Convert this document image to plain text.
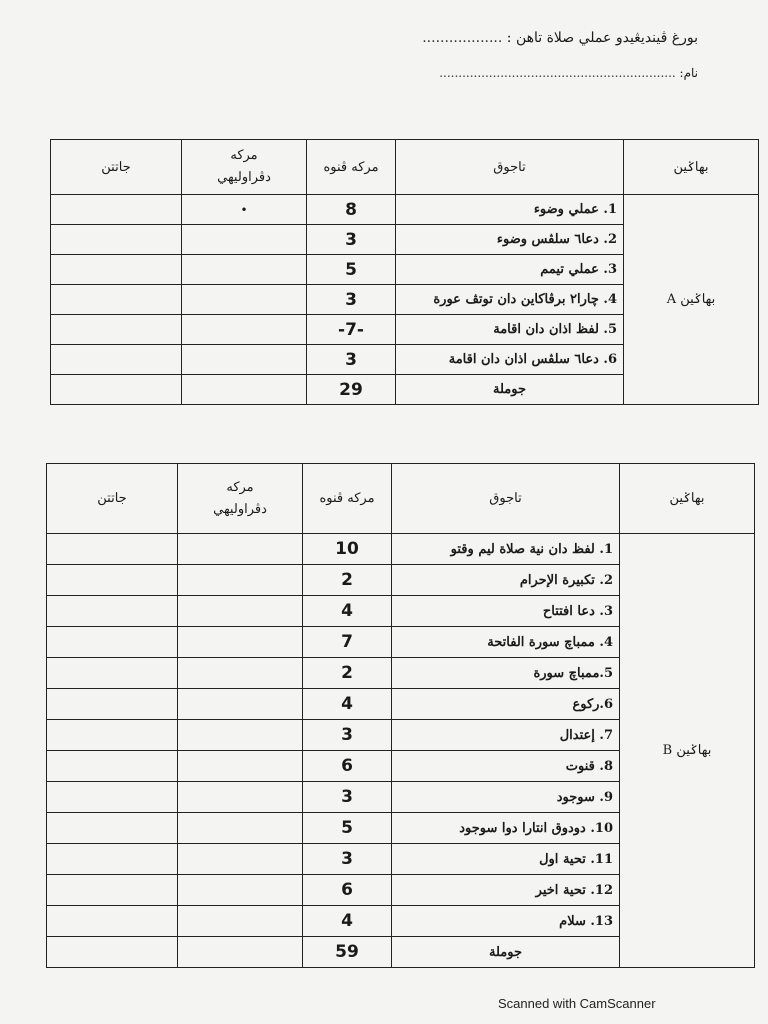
بورغ ڤينديڠيدو عملي صلاة تاهن : ..................
نام: ..............................................................
بهاݢين	تاجوق	مركه ڤنوه	مركه
دڤراوليهي	جاتتن
بهاݢين A	1. عملي وضوء	8	•	
	2. دعا٦ سلڤس وضوء	3		
	3. عملي تيمم	5		
	4. چارا٢ برڤاكاين دان توتڤ عورة	3		
	5. لفظ اذان دان اقامة	-7-		
	6. دعا٦ سلڤس اذان دان اقامة	3		
	جوملة	29		
بهاݢين	تاجوق	مركه ڤنوه	مركه
دڤراوليهي	جاتتن
بهاݢين B	1. لفظ دان نية صلاة ليم وقتو	10		
	2. تكبيرة الإحرام	2		
	3. دعا افتتاح	4		
	4. ممباچ سورة الفاتحة	7		
	5.ممباچ سورة	2		
	6.ركوع	4		
	7. إعتدال	3		
	8. قنوت	6		
	9. سوجود	3		
	10. دودوق انتارا دوا سوجود	5		
	11. تحية اول	3		
	12. تحية اخير	6		
	13. سلام	4		
	جوملة	59		
Scanned with CamScanner
